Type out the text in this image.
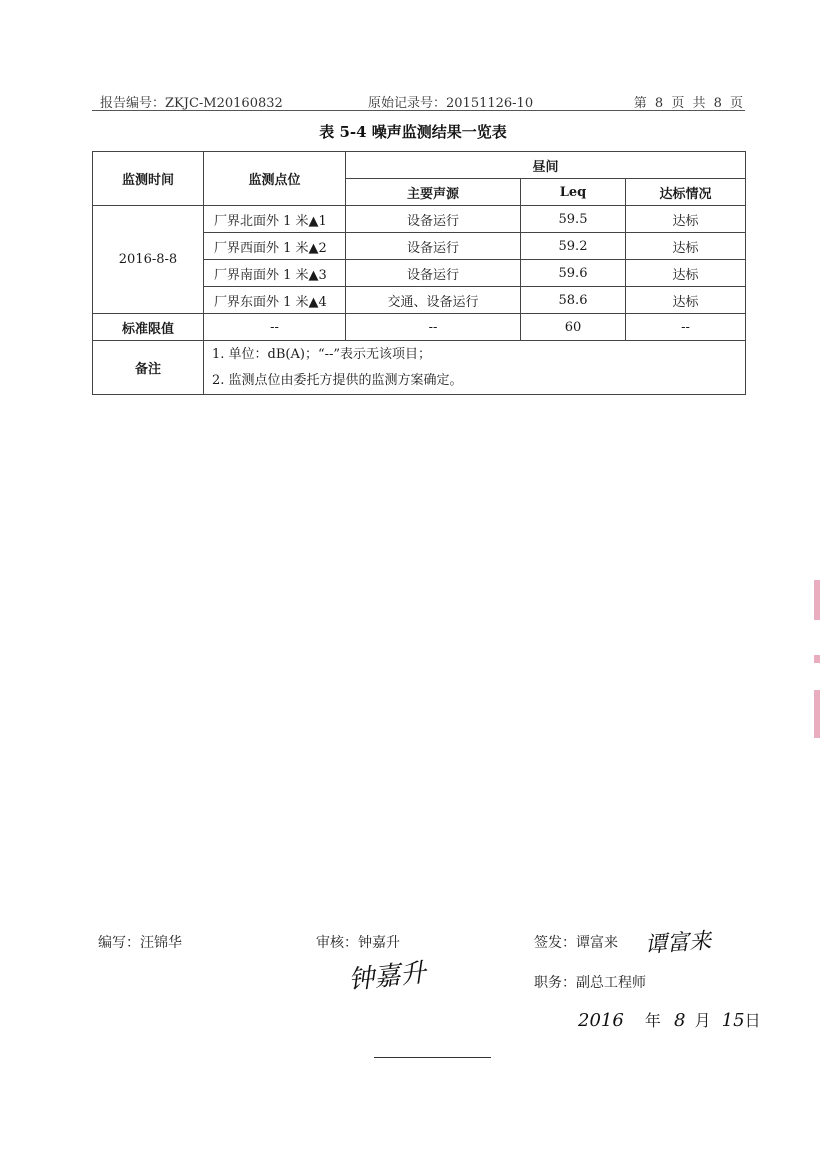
报告编号：ZKJC-M20160832	原始记录号：20151126-10	第 8 页 共 8 页
表 5-4 噪声监测结果一览表
监测时间	监测点位	昼间		
		主要声源	Leq	达标情况
2016-8-8	厂界北面外 1 米▲1	设备运行	59.5	达标
	厂界西面外 1 米▲2	设备运行	59.2	达标
	厂界南面外 1 米▲3	设备运行	59.6	达标
	厂界东面外 1 米▲4	交通、设备运行	58.6	达标
标准限值	--	--	60	--
备注	1. 单位：dB(A)；“--”表示无该项目；
2. 监测点位由委托方提供的监测方案确定。			
编写：汪锦华	审核：钟嘉升	签发：谭富来 谭富来
钟嘉升	职务：副总工程师
2016 年 8 月 15日
